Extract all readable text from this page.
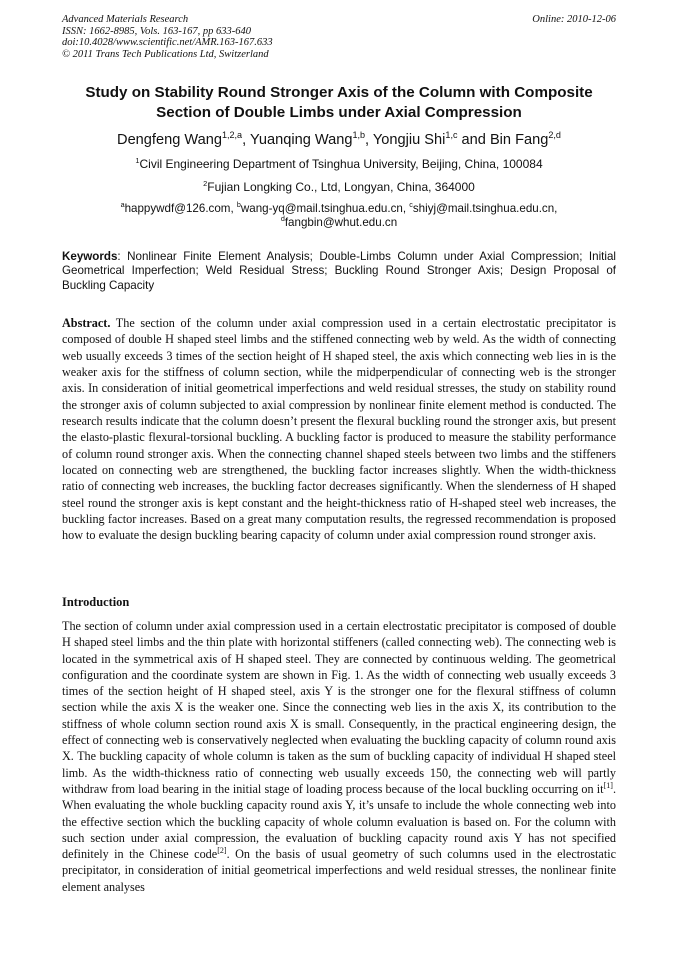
Advanced Materials Research
ISSN: 1662-8985, Vols. 163-167, pp 633-640
doi:10.4028/www.scientific.net/AMR.163-167.633
© 2011 Trans Tech Publications Ltd, Switzerland
Online: 2010-12-06
Study on Stability Round Stronger Axis of the Column with Composite
Section of Double Limbs under Axial Compression
Dengfeng Wang$^{1,2,a}$, Yuanqing Wang$^{1,b}$, Yongjiu Shi$^{1,c}$ and Bin Fang$^{2,d}$
$^1$Civil Engineering Department of Tsinghua University, Beijing, China, 100084
$^2$Fujian Longking Co., Ltd, Longyan, China, 364000
$^a$happywdf@126.com, $^b$wang-yq@mail.tsinghua.edu.cn, $^c$shiyj@mail.tsinghua.edu.cn,
$^d$fangbin@whut.edu.cn
Keywords: Nonlinear Finite Element Analysis; Double-Limbs Column under Axial Compression; Initial Geometrical Imperfection; Weld Residual Stress; Buckling Round Stronger Axis; Design Proposal of Buckling Capacity
Abstract. The section of the column under axial compression used in a certain electrostatic precipitator is composed of double H shaped steel limbs and the stiffened connecting web by weld. As the width of connecting web usually exceeds 3 times of the section height of H shaped steel, the axis which connecting web lies in is the weaker axis for the stiffness of column section, while the midperpendicular of connecting web is the stronger axis. In consideration of initial geometrical imperfections and weld residual stresses, the study on stability round the stronger axis of column subjected to axial compression by nonlinear finite element method is conducted. The research results indicate that the column doesn’t present the flexural buckling round the stronger axis, but present the elasto-plastic flexural-torsional buckling. A buckling factor is produced to measure the stability performance of column round stronger axis. When the connecting channel shaped steels between two limbs and the stiffeners located on connecting web are strengthened, the buckling factor increases slightly. When the width-thickness ratio of connecting web increases, the buckling factor decreases significantly. When the slenderness of H shaped steel round the stronger axis is kept constant and the height-thickness ratio of H-shaped steel web increases, the buckling factor increases. Based on a great many computation results, the regressed recommendation is proposed how to evaluate the design buckling bearing capacity of column under axial compression round stronger axis.
Introduction
The section of column under axial compression used in a certain electrostatic precipitator is composed of double H shaped steel limbs and the thin plate with horizontal stiffeners (called connecting web). The connecting web is located in the symmetrical axis of H shaped steel. They are connected by continuous welding. The geometrical configuration and the coordinate system are shown in Fig. 1. As the width of connecting web usually exceeds 3 times of the section height of H shaped steel, axis Y is the stronger one for the flexural stiffness of column section while the axis X is the weaker one. Since the connecting web lies in the axis X, its contribution to the stiffness of whole column section round axis X is small. Consequently, in the practical engineering design, the effect of connecting web is conservatively neglected when evaluating the buckling capacity of column round axis X. The buckling capacity of whole column is taken as the sum of buckling capacity of individual H shaped steel limb. As the width-thickness ratio of connecting web usually exceeds 150, the connecting web will partly withdraw from load bearing in the initial stage of loading process because of the local buckling occurring on it[1]. When evaluating the whole buckling capacity round axis Y, it’s unsafe to include the whole connecting web into the effective section which the buckling capacity of whole column evaluation is based on. For the column with such section under axial compression, the evaluation of buckling capacity round axis Y has not specified definitely in the Chinese code[2]. On the basis of usual geometry of such columns used in the electrostatic precipitator, in consideration of initial geometrical imperfections and weld residual stresses, the nonlinear finite element analyses
